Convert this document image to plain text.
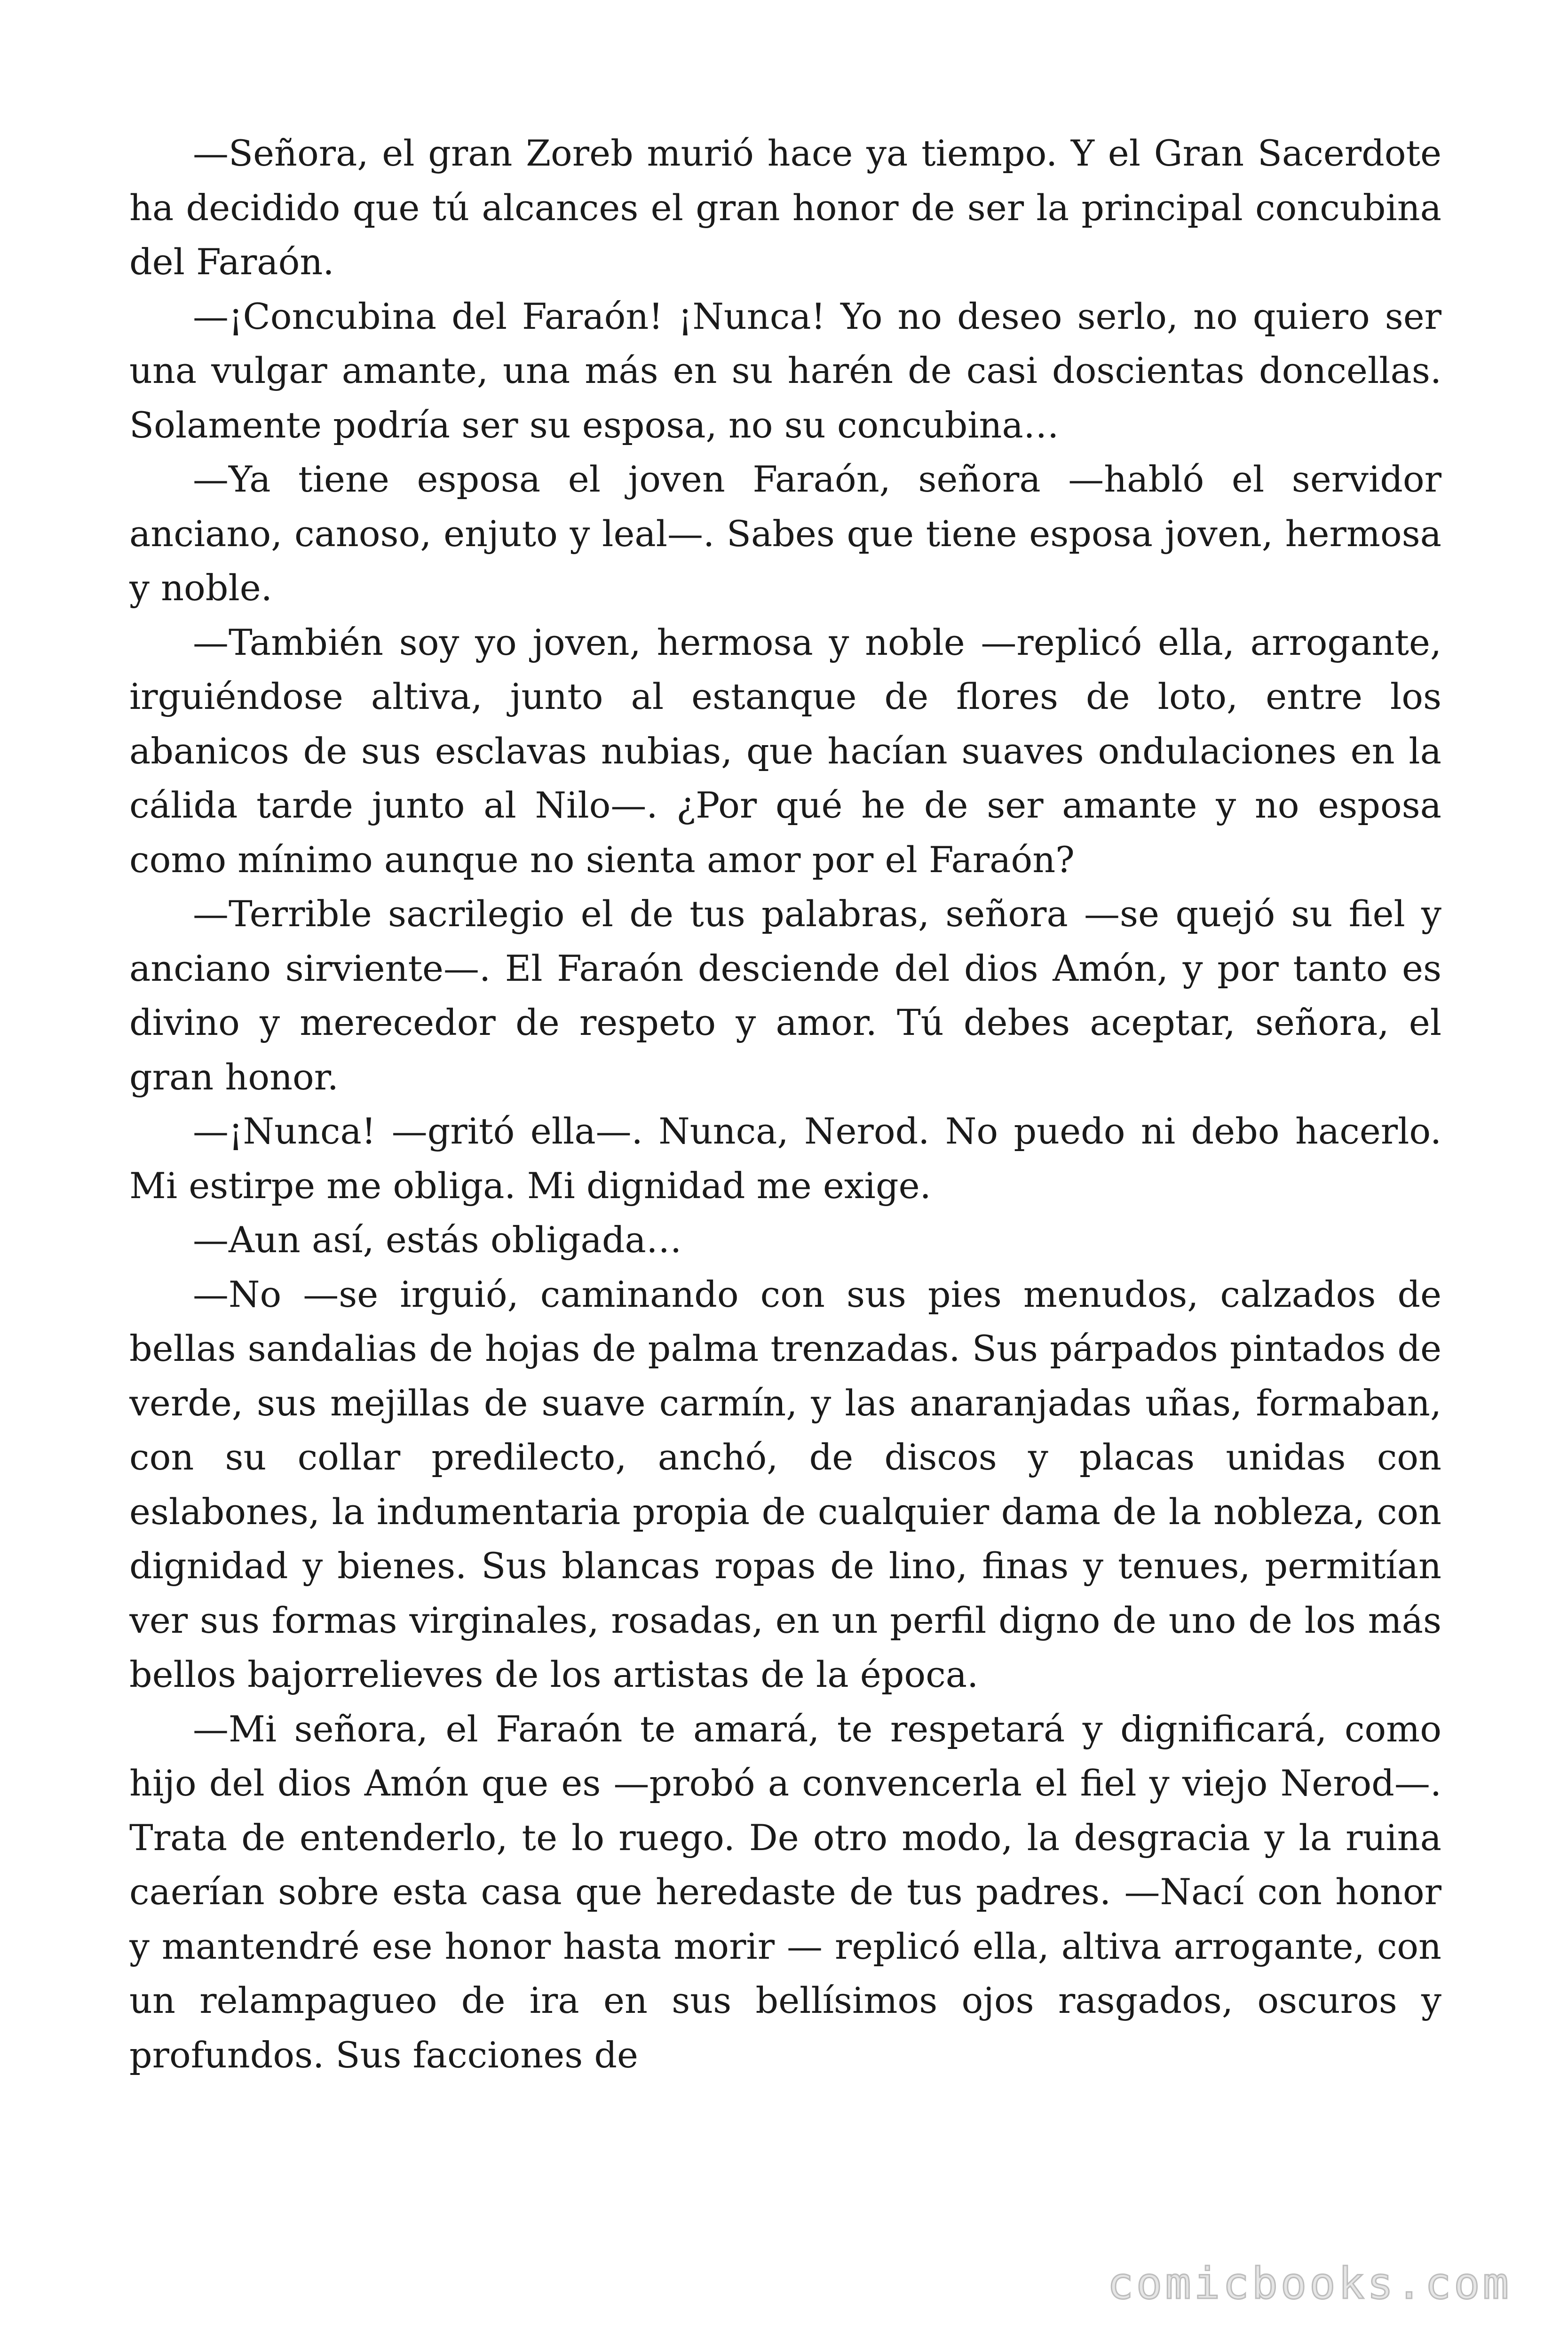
—Señora, el gran Zoreb murió hace ya tiempo. Y el Gran Sacerdote ha decidido que tú alcances el gran honor de ser la principal concubina del Faraón.

—¡Concubina del Faraón! ¡Nunca! Yo no deseo serlo, no quiero ser una vulgar amante, una más en su harén de casi doscientas doncellas. Solamente podría ser su esposa, no su concubina…

—Ya tiene esposa el joven Faraón, señora —habló el servidor anciano, canoso, enjuto y leal—. Sabes que tiene esposa joven, hermosa y noble.

—También soy yo joven, hermosa y noble —replicó ella, arrogante, irguiéndose altiva, junto al estanque de flores de loto, entre los abanicos de sus esclavas nubias, que hacían suaves ondulaciones en la cálida tarde junto al Nilo—. ¿Por qué he de ser amante y no esposa como mínimo aunque no sienta amor por el Faraón?

—Terrible sacrilegio el de tus palabras, señora —se quejó su fiel y anciano sirviente—. El Faraón desciende del dios Amón, y por tanto es divino y merecedor de respeto y amor. Tú debes aceptar, señora, el gran honor.

—¡Nunca! —gritó ella—. Nunca, Nerod. No puedo ni debo hacerlo. Mi estirpe me obliga. Mi dignidad me exige.

—Aun así, estás obligada…

—No —se irguió, caminando con sus pies menudos, calzados de bellas sandalias de hojas de palma trenzadas. Sus párpados pintados de verde, sus mejillas de suave carmín, y las anaranjadas uñas, formaban, con su collar predilecto, anchó, de discos y placas unidas con eslabones, la indumentaria propia de cualquier dama de la nobleza, con dignidad y bienes. Sus blancas ropas de lino, finas y tenues, permitían ver sus formas virginales, rosadas, en un perfil digno de uno de los más bellos bajorrelieves de los artistas de la época.

—Mi señora, el Faraón te amará, te respetará y dignificará, como hijo del dios Amón que es —probó a convencerla el fiel y viejo Nerod—. Trata de entenderlo, te lo ruego. De otro modo, la desgracia y la ruina caerían sobre esta casa que heredaste de tus padres. —Nací con honor y mantendré ese honor hasta morir — replicó ella, altiva arrogante, con un relampagueo de ira en sus bellísimos ojos rasgados, oscuros y profundos. Sus facciones de

comicbooks.com
